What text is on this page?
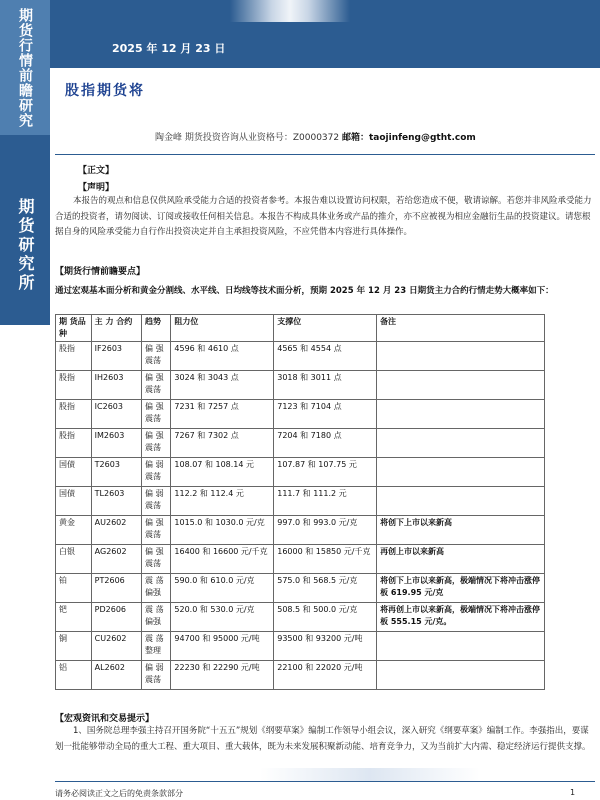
期货行情前瞻研究
期货研究所
2025 年 12 月 23 日
股指期货将
陶金峰 期货投资咨询从业资格号：Z0000372 邮箱：taojinfeng@gtht.com
【正文】
【声明】
本报告的观点和信息仅供风险承受能力合适的投资者参考。本报告难以设置访问权限，若给您造成不便，敬请谅解。若您并非风险承受能力合适的投资者，请勿阅读、订阅或接收任何相关信息。本报告不构成具体业务或产品的推介，亦不应被视为相应金融衍生品的投资建议。请您根据自身的风险承受能力自行作出投资决定并自主承担投资风险，不应凭借本内容进行具体操作。
【期货行情前瞻要点】
通过宏观基本面分析和黄金分割线、水平线、日均线等技术面分析，预期 2025 年 12 月 23 日期货主力合约行情走势大概率如下：
期 货品种	主 力 合约	趋势	阻力位	支撑位	备注
股指	IF2603	偏 强震荡	4596 和 4610 点	4565 和 4554 点	
股指	IH2603	偏 强震荡	3024 和 3043 点	3018 和 3011 点	
股指	IC2603	偏 强震荡	7231 和 7257 点	7123 和 7104 点	
股指	IM2603	偏 强震荡	7267 和 7302 点	7204 和 7180 点	
国债	T2603	偏 弱震荡	108.07 和 108.14 元	107.87 和 107.75 元	
国债	TL2603	偏 弱震荡	112.2 和 112.4 元	111.7 和 111.2 元	
黄金	AU2602	偏 强震荡	1015.0 和 1030.0 元/克	997.0 和 993.0 元/克	将创下上市以来新高
白银	AG2602	偏 强震荡	16400 和 16600 元/千克	16000 和 15850 元/千克	再创上市以来新高
铂	PT2606	震 荡偏强	590.0 和 610.0 元/克	575.0 和 568.5 元/克	将创下上市以来新高，极端情况下将冲击涨停板 619.95 元/克
钯	PD2606	震 荡偏强	520.0 和 530.0 元/克	508.5 和 500.0 元/克	将再创上市以来新高，极端情况下将冲击涨停板 555.15 元/克。
铜	CU2602	震 荡整理	94700 和 95000 元/吨	93500 和 93200 元/吨	
铝	AL2602	偏 弱震荡	22230 和 22290 元/吨	22100 和 22020 元/吨	
【宏观资讯和交易提示】
1、国务院总理李强主持召开国务院“十五五”规划《纲要草案》编制工作领导小组会议，深入研究《纲要草案》编制工作。李强指出，要谋划一批能够带动全局的重大工程、重大项目、重大载体，既为未来发展积聚新动能、培育竞争力，又为当前扩大内需、稳定经济运行提供支撑。
请务必阅读正文之后的免责条款部分	1
